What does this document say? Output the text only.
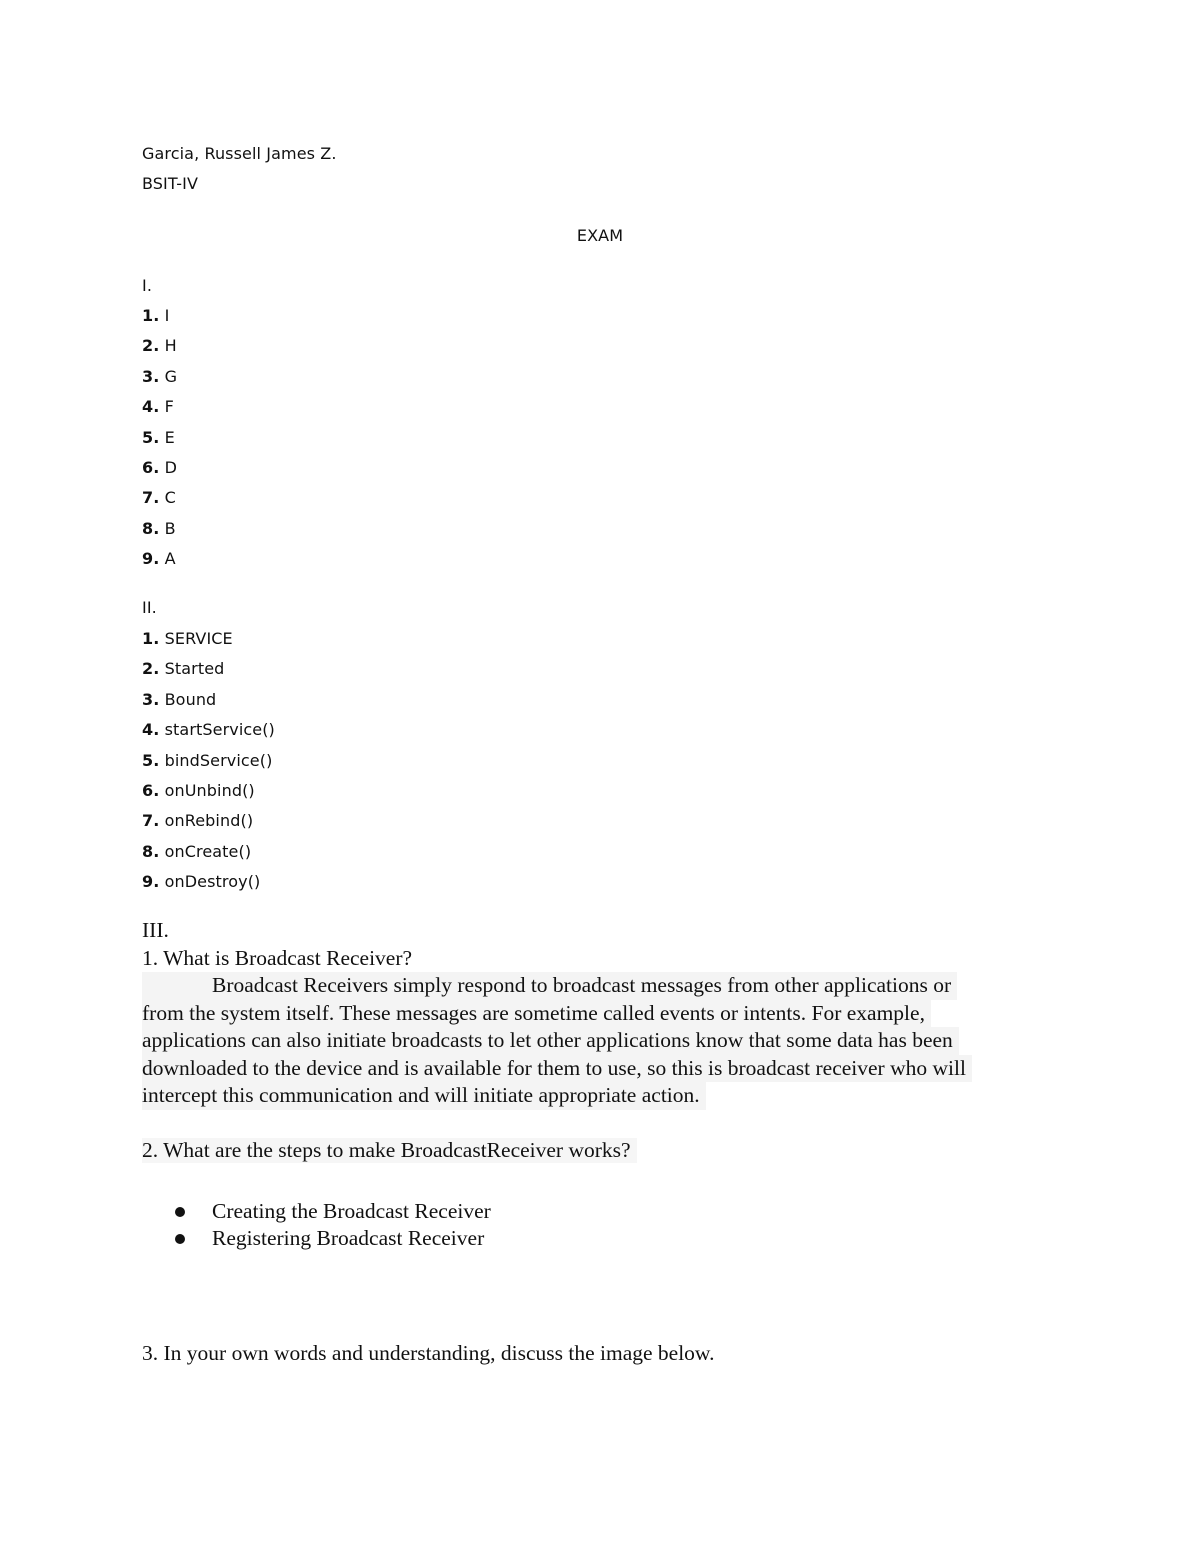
Garcia, Russell James Z.
BSIT-IV
EXAM
I.
1. I
2. H
3. G
4. F
5. E
6. D
7. C
8. B
9. A
II.
1. SERVICE
2. Started
3. Bound
4. startService()
5. bindService()
6. onUnbind()
7. onRebind()
8. onCreate()
9. onDestroy()
III.
1. What is Broadcast Receiver?
Broadcast Receivers simply respond to broadcast messages from other applications or
from the system itself. These messages are sometime called events or intents. For example,
applications can also initiate broadcasts to let other applications know that some data has been
downloaded to the device and is available for them to use, so this is broadcast receiver who will
intercept this communication and will initiate appropriate action.
2. What are the steps to make BroadcastReceiver works?
Creating the Broadcast Receiver
Registering Broadcast Receiver
3. In your own words and understanding, discuss the image below.
